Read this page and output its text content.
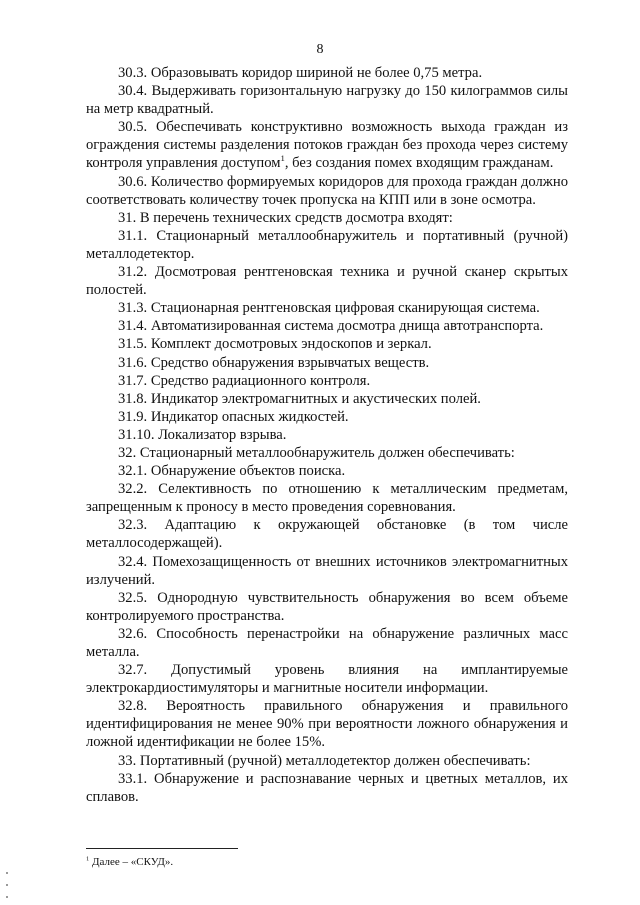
8

30.3. Образовывать коридор шириной не более 0,75 метра.

30.4. Выдерживать горизонтальную нагрузку до 150 килограммов силы на метр квадратный.

30.5. Обеспечивать конструктивно возможность выхода граждан из ограждения системы разделения потоков граждан без прохода через систему контроля управления доступом$^1$, без создания помех входящим гражданам.

30.6. Количество формируемых коридоров для прохода граждан должно соответствовать количеству точек пропуска на КПП или в зоне осмотра.

31. В перечень технических средств досмотра входят:

31.1. Стационарный металлообнаружитель и портативный (ручной) металлодетектор.

31.2. Досмотровая рентгеновская техника и ручной сканер скрытых полостей.

31.3. Стационарная рентгеновская цифровая сканирующая система.

31.4. Автоматизированная система досмотра днища автотранспорта.

31.5. Комплект досмотровых эндоскопов и зеркал.

31.6. Средство обнаружения взрывчатых веществ.

31.7. Средство радиационного контроля.

31.8. Индикатор электромагнитных и акустических полей.

31.9. Индикатор опасных жидкостей.

31.10. Локализатор взрыва.

32. Стационарный металлообнаружитель должен обеспечивать:

32.1. Обнаружение объектов поиска.

32.2. Селективность по отношению к металлическим предметам, запрещенным к проносу в место проведения соревнования.

32.3. Адаптацию к окружающей обстановке (в том числе металлосодержащей).

32.4. Помехозащищенность от внешних источников электромагнитных излучений.

32.5. Однородную чувствительность обнаружения во всем объеме контролируемого пространства.

32.6. Способность перенастройки на обнаружение различных масс металла.

32.7. Допустимый уровень влияния на имплантируемые электрокардиостимуляторы и магнитные носители информации.

32.8. Вероятность правильного обнаружения и правильного идентифицирования не менее 90% при вероятности ложного обнаружения и ложной идентификации не более 15%.

33. Портативный (ручной) металлодетектор должен обеспечивать:

33.1. Обнаружение и распознавание черных и цветных металлов, их сплавов.

$^1$ Далее – «СКУД».
